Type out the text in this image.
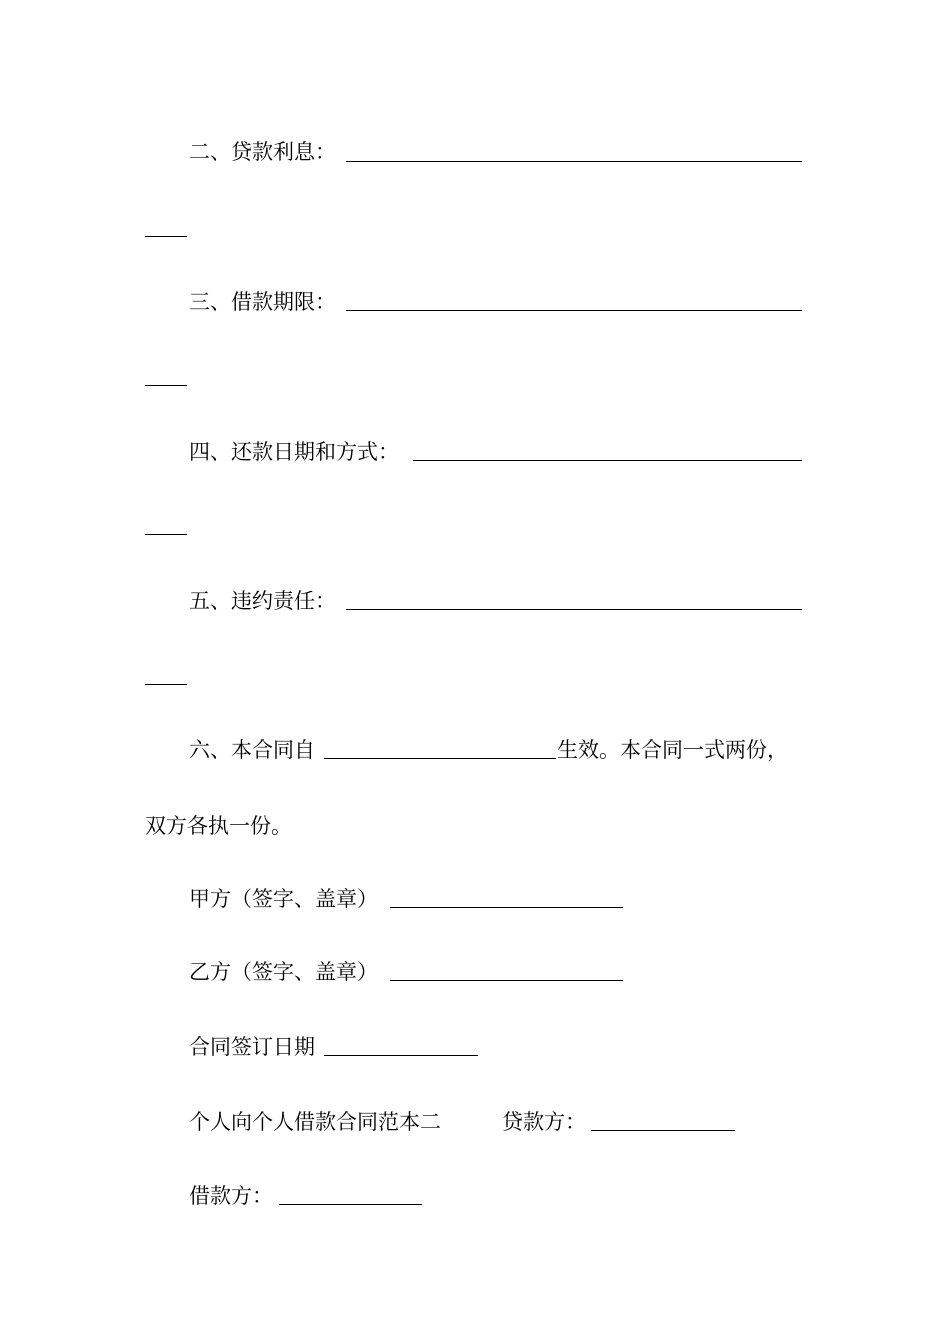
二、贷款利息：
三、借款期限：
四、还款日期和方式：
五、违约责任：
六、本合同自	生效。本合同一式两份，
双方各执一份。
甲方（签字、盖章）
乙方（签字、盖章）
合同签订日期
个人向个人借款合同范本二	贷款方：
借款方：
